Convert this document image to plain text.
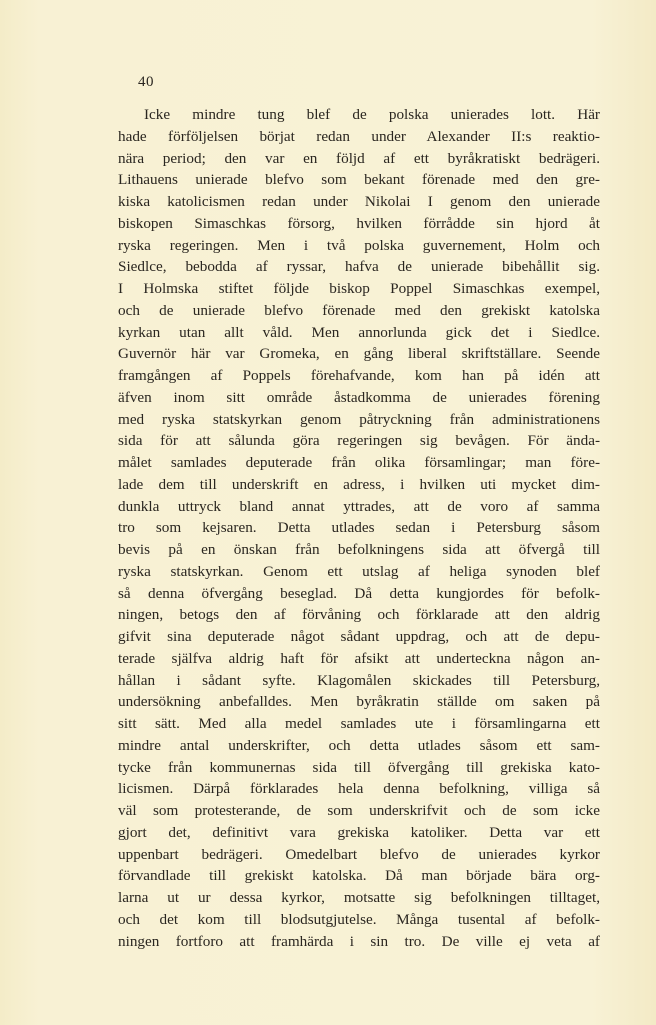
40
Icke mindre tung blef de polska unierades lott. Här
hade förföljelsen börjat redan under Alexander II:s reaktio-
nära period; den var en följd af ett byråkratiskt bedrägeri.
Lithauens unierade blefvo som bekant förenade med den gre-
kiska katolicismen redan under Nikolai I genom den unierade
biskopen Simaschkas försorg, hvilken förrådde sin hjord åt
ryska regeringen. Men i två polska guvernement, Holm och
Siedlce, bebodda af ryssar, hafva de unierade bibehållit sig.
I Holmska stiftet följde biskop Poppel Simaschkas exempel,
och de unierade blefvo förenade med den grekiskt katolska
kyrkan utan allt våld. Men annorlunda gick det i Siedlce.
Guvernör här var Gromeka, en gång liberal skriftställare. Seende
framgången af Poppels förehafvande, kom han på idén att
äfven inom sitt område åstadkomma de unierades förening
med ryska statskyrkan genom påtryckning från administrationens
sida för att sålunda göra regeringen sig bevågen. För ända-
målet samlades deputerade från olika församlingar; man före-
lade dem till underskrift en adress, i hvilken uti mycket dim-
dunkla uttryck bland annat yttrades, att de voro af samma
tro som kejsaren. Detta utlades sedan i Petersburg såsom
bevis på en önskan från befolkningens sida att öfvergå till
ryska statskyrkan. Genom ett utslag af heliga synoden blef
så denna öfvergång beseglad. Då detta kungjordes för befolk-
ningen, betogs den af förvåning och förklarade att den aldrig
gifvit sina deputerade något sådant uppdrag, och att de depu-
terade själfva aldrig haft för afsikt att underteckna någon an-
hållan i sådant syfte. Klagomålen skickades till Petersburg,
undersökning anbefalldes. Men byråkratin ställde om saken på
sitt sätt. Med alla medel samlades ute i församlingarna ett
mindre antal underskrifter, och detta utlades såsom ett sam-
tycke från kommunernas sida till öfvergång till grekiska kato-
licismen. Därpå förklarades hela denna befolkning, villiga så
väl som protesterande, de som underskrifvit och de som icke
gjort det, definitivt vara grekiska katoliker. Detta var ett
uppenbart bedrägeri. Omedelbart blefvo de unierades kyrkor
förvandlade till grekiskt katolska. Då man började bära org-
larna ut ur dessa kyrkor, motsatte sig befolkningen tilltaget,
och det kom till blodsutgjutelse. Många tusental af befolk-
ningen fortforo att framhärda i sin tro. De ville ej veta af
